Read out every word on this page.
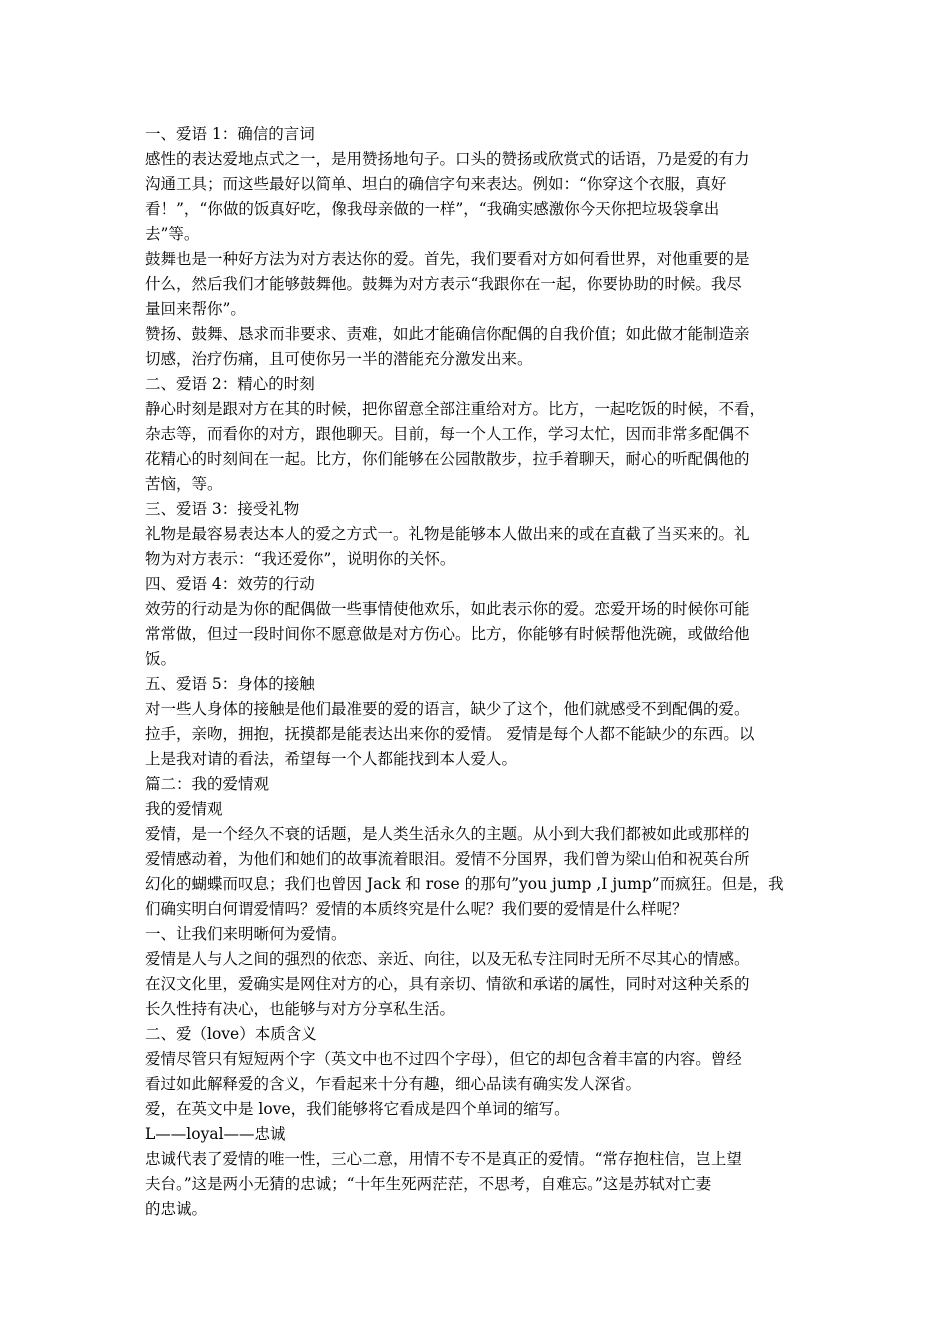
一、爱语 1：确信的言词
感性的表达爱地点式之一，是用赞扬地句子。口头的赞扬或欣赏式的话语，乃是爱的有力
沟通工具；而这些最好以简单、坦白的确信字句来表达。例如：“你穿这个衣服，真好
看！”，“你做的饭真好吃，像我母亲做的一样”，“我确实感激你今天你把垃圾袋拿出
去”等。
鼓舞也是一种好方法为对方表达你的爱。首先，我们要看对方如何看世界，对他重要的是
什么，然后我们才能够鼓舞他。鼓舞为对方表示“我跟你在一起，你要协助的时候。我尽
量回来帮你”。
赞扬、鼓舞、恳求而非要求、责难，如此才能确信你配偶的自我价值；如此做才能制造亲
切感，治疗伤痛，且可使你另一半的潜能充分激发出来。
二、爱语 2：精心的时刻
静心时刻是跟对方在其的时候，把你留意全部注重给对方。比方，一起吃饭的时候，不看，
杂志等，而看你的对方，跟他聊天。目前，每一个人工作，学习太忙，因而非常多配偶不
花精心的时刻间在一起。比方，你们能够在公园散散步，拉手着聊天，耐心的听配偶他的
苦恼，等。
三、爱语 3：接受礼物
礼物是最容易表达本人的爱之方式一。礼物是能够本人做出来的或在直截了当买来的。礼
物为对方表示：“我还爱你”，说明你的关怀。
四、爱语 4：效劳的行动
效劳的行动是为你的配偶做一些事情使他欢乐，如此表示你的爱。恋爱开场的时候你可能
常常做，但过一段时间你不愿意做是对方伤心。比方，你能够有时候帮他洗碗，或做给他
饭。
五、爱语 5：身体的接触
对一些人身体的接触是他们最准要的爱的语言，缺少了这个，他们就感受不到配偶的爱。
拉手，亲吻，拥抱，抚摸都是能表达出来你的爱情。 爱情是每个人都不能缺少的东西。以
上是我对请的看法，希望每一个人都能找到本人爱人。
篇二：我的爱情观
我的爱情观
爱情，是一个经久不衰的话题，是人类生活永久的主题。从小到大我们都被如此或那样的
爱情感动着，为他们和她们的故事流着眼泪。爱情不分国界，我们曾为梁山伯和祝英台所
幻化的蝴蝶而叹息；我们也曾因 Jack 和 rose 的那句”you jump ,I jump”而疯狂。但是，我
们确实明白何谓爱情吗？爱情的本质终究是什么呢？我们要的爱情是什么样呢？
一、让我们来明晰何为爱情。
爱情是人与人之间的强烈的依恋、亲近、向往，以及无私专注同时无所不尽其心的情感。
在汉文化里，爱确实是网住对方的心，具有亲切、情欲和承诺的属性，同时对这种关系的
长久性持有决心，也能够与对方分享私生活。
二、爱（love）本质含义
爱情尽管只有短短两个字（英文中也不过四个字母），但它的却包含着丰富的内容。曾经
看过如此解释爱的含义，乍看起来十分有趣，细心品读有确实发人深省。
爱，在英文中是 love，我们能够将它看成是四个单词的缩写。
L——loyal——忠诚
忠诚代表了爱情的唯一性，三心二意，用情不专不是真正的爱情。“常存抱柱信，岂上望
夫台。”这是两小无猜的忠诚；“十年生死两茫茫，不思考，自难忘。”这是苏轼对亡妻
的忠诚。
